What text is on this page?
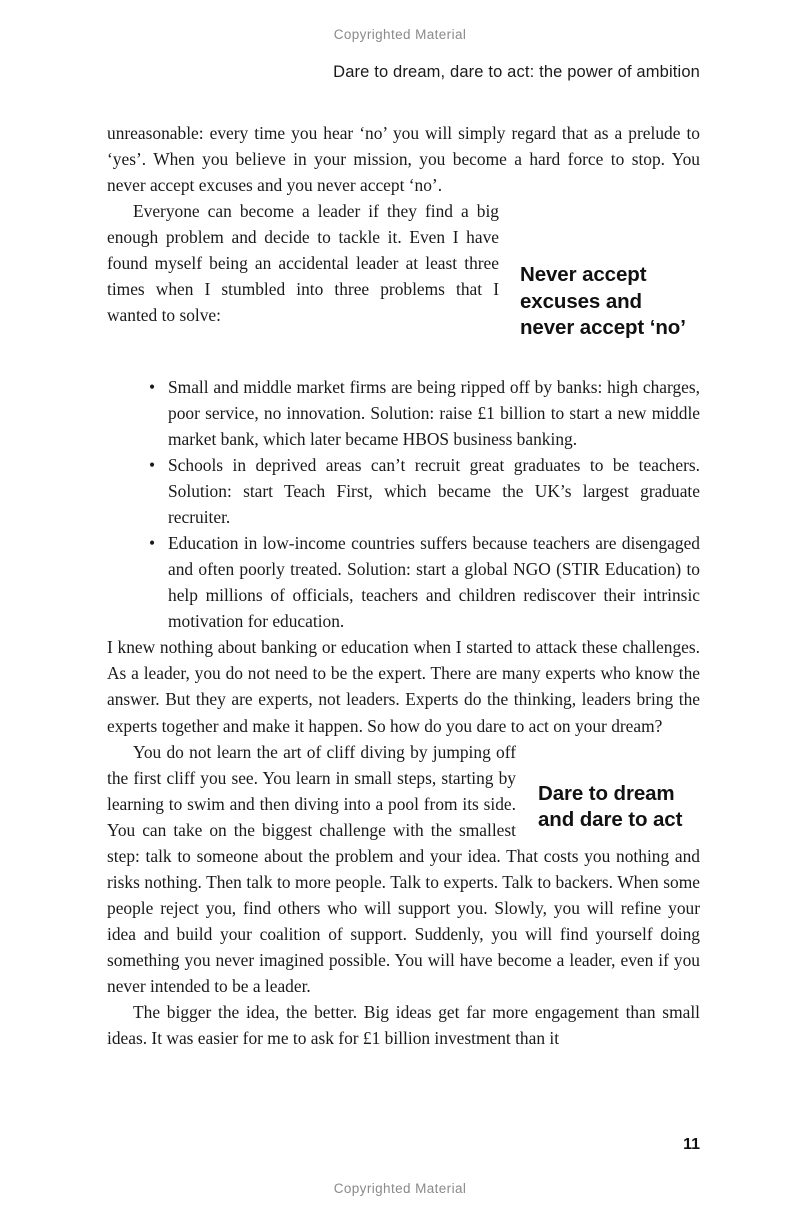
Copyrighted Material
Dare to dream, dare to act: the power of ambition

unreasonable: every time you hear ‘no’ you will simply regard that as a prelude to ‘yes’. When you believe in your mission, you become a hard force to stop. You never accept excuses and you never accept ‘no’.

Never accept excuses and never accept ‘no’

Everyone can become a leader if they find a big enough problem and decide to tackle it. Even I have found myself being an accidental leader at least three times when I stumbled into three problems that I wanted to solve:

• Small and middle market firms are being ripped off by banks: high charges, poor service, no innovation. Solution: raise £1 billion to start a new middle market bank, which later became HBOS business banking.
• Schools in deprived areas can’t recruit great graduates to be teachers. Solution: start Teach First, which became the UK’s largest graduate recruiter.
• Education in low-income countries suffers because teachers are disengaged and often poorly treated. Solution: start a global NGO (STIR Education) to help millions of officials, teachers and children rediscover their intrinsic motivation for education.

I knew nothing about banking or education when I started to attack these challenges. As a leader, you do not need to be the expert. There are many experts who know the answer. But they are experts, not leaders. Experts do the thinking, leaders bring the experts together and make it happen. So how do you dare to act on your dream?

Dare to dream and dare to act

You do not learn the art of cliff diving by jumping off the first cliff you see. You learn in small steps, starting by learning to swim and then diving into a pool from its side. You can take on the biggest challenge with the smallest step: talk to someone about the problem and your idea. That costs you nothing and risks nothing. Then talk to more people. Talk to experts. Talk to backers. When some people reject you, find others who will support you. Slowly, you will refine your idea and build your coalition of support. Suddenly, you will find yourself doing something you never imagined possible. You will have become a leader, even if you never intended to be a leader.

The bigger the idea, the better. Big ideas get far more engagement than small ideas. It was easier for me to ask for £1 billion investment than it

11
Copyrighted Material
